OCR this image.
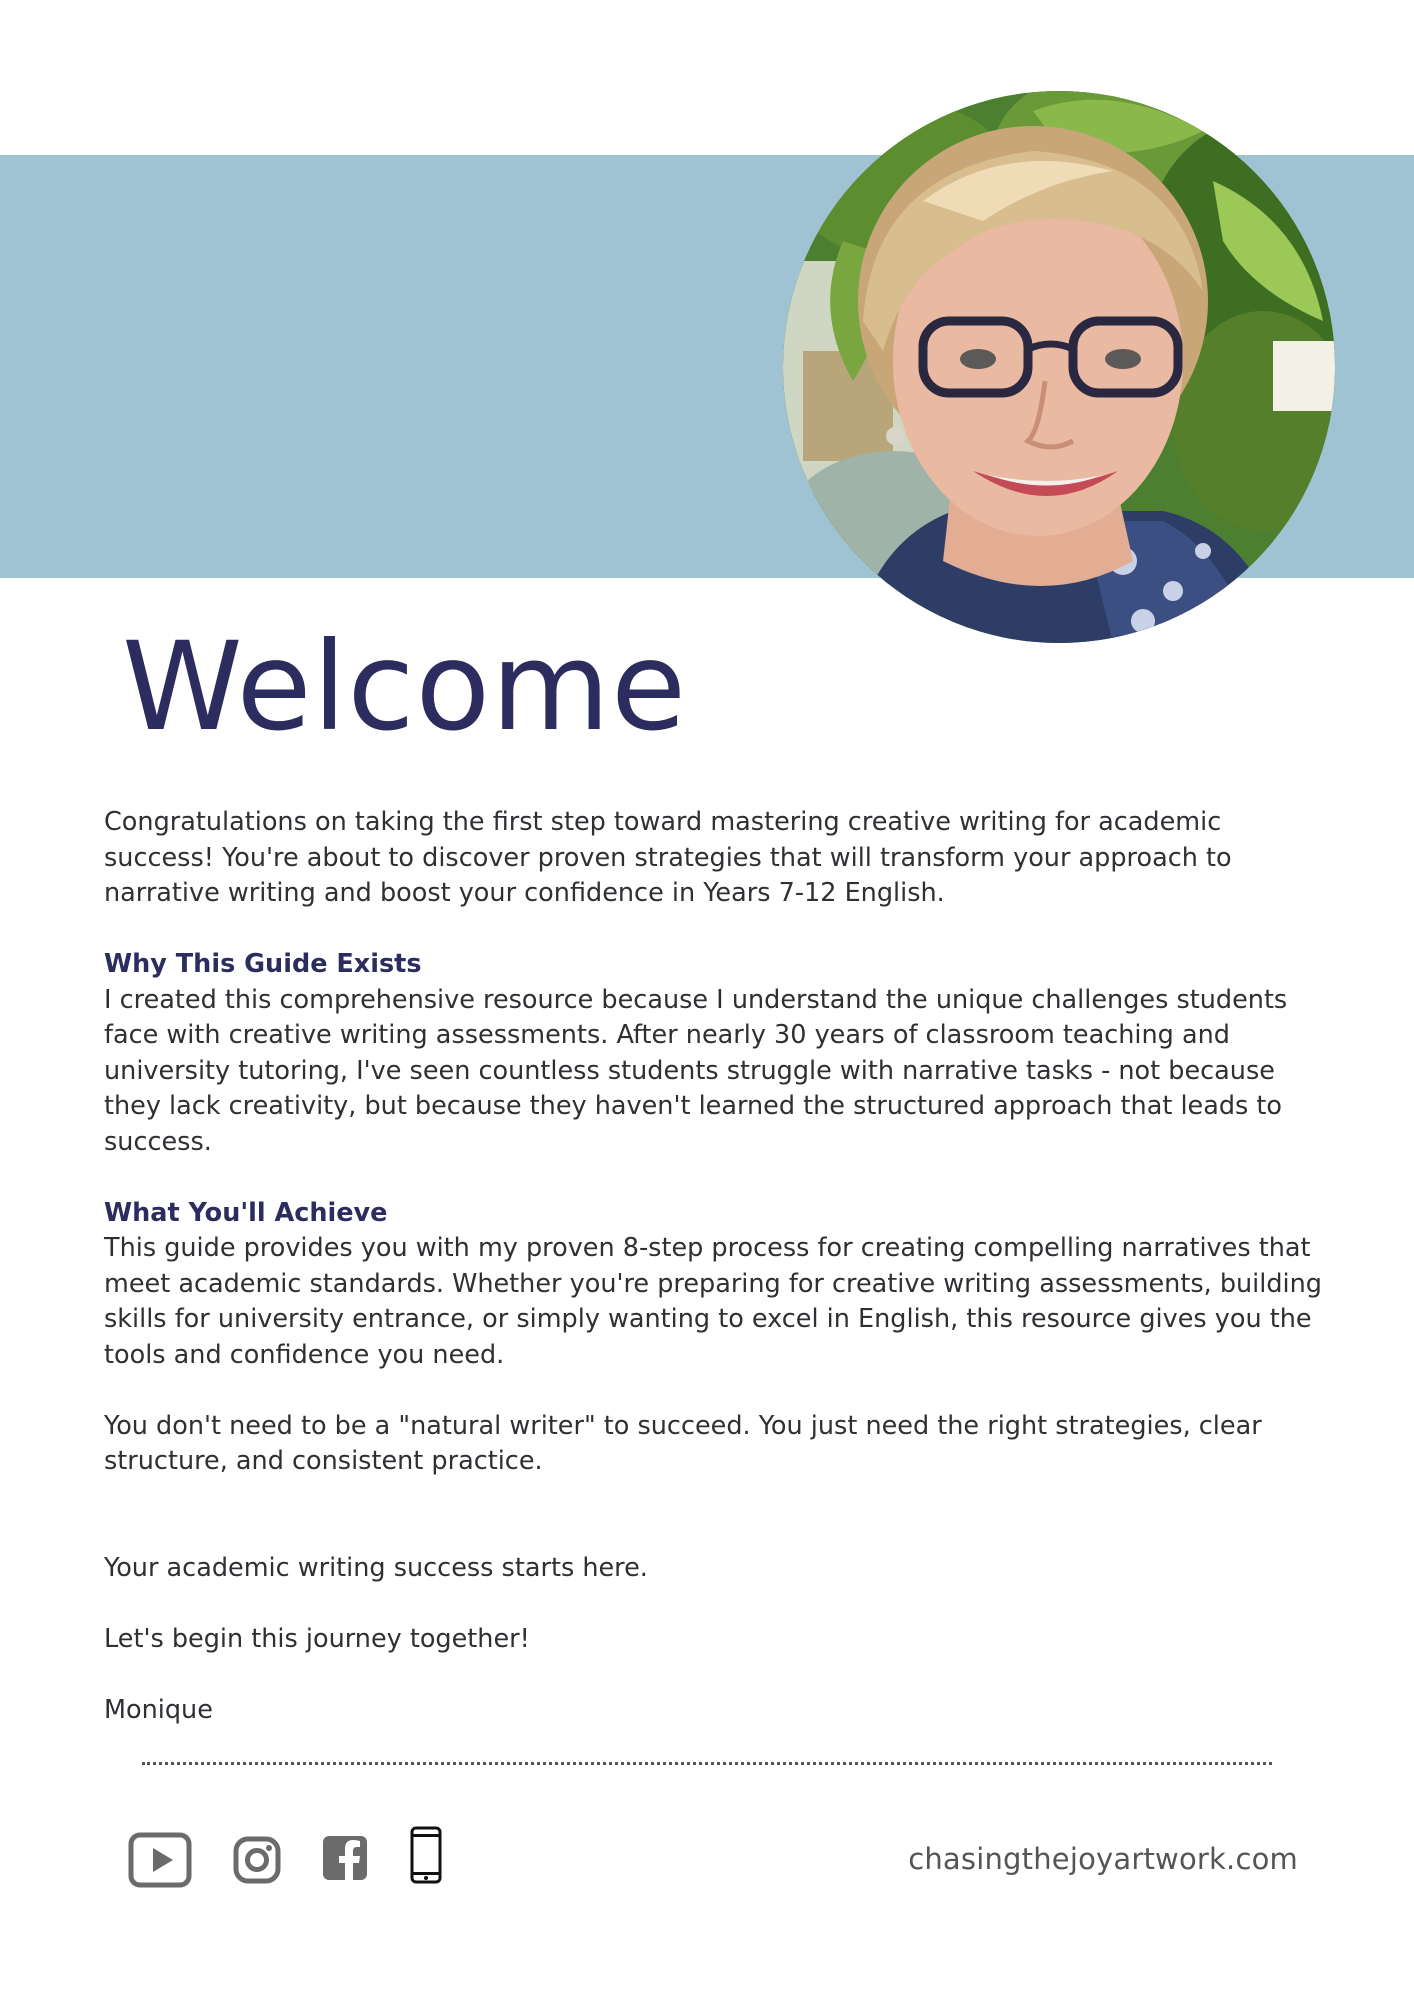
Welcome

Congratulations on taking the first step toward mastering creative writing for academic success! You're about to discover proven strategies that will transform your approach to narrative writing and boost your confidence in Years 7-12 English.

Why This Guide Exists
I created this comprehensive resource because I understand the unique challenges students face with creative writing assessments. After nearly 30 years of classroom teaching and university tutoring, I've seen countless students struggle with narrative tasks - not because they lack creativity, but because they haven't learned the structured approach that leads to success.

What You'll Achieve
This guide provides you with my proven 8-step process for creating compelling narratives that meet academic standards. Whether you're preparing for creative writing assessments, building skills for university entrance, or simply wanting to excel in English, this resource gives you the tools and confidence you need.

You don't need to be a "natural writer" to succeed. You just need the right strategies, clear structure, and consistent practice.

Your academic writing success starts here.

Let's begin this journey together!

Monique

chasingthejoyartwork.com
